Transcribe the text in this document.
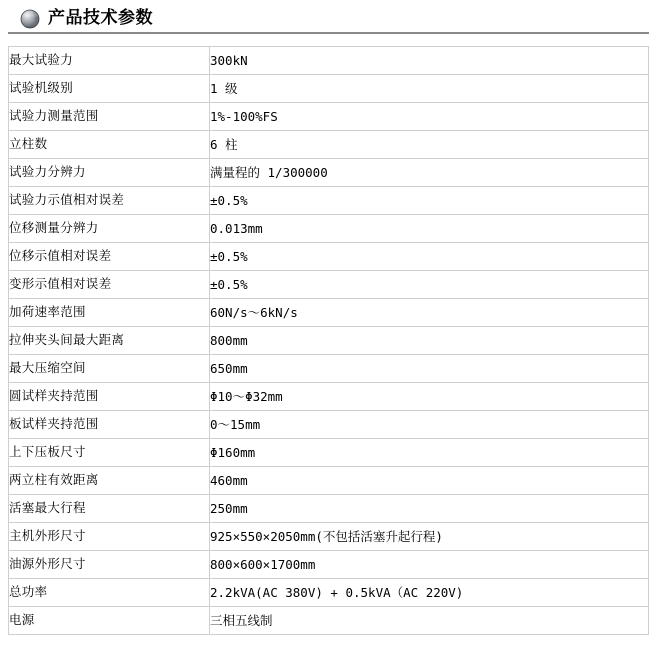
产品技术参数
最大试验力	300kN
试验机级别	1 级
试验力测量范围	1%-100%FS
立柱数	6 柱
试验力分辨力	满量程的 1/300000
试验力示值相对误差	±0.5%
位移测量分辨力	0.013mm
位移示值相对误差	±0.5%
变形示值相对误差	±0.5%
加荷速率范围	60N/s～6kN/s
拉伸夹头间最大距离	800mm
最大压缩空间	650mm
圆试样夹持范围	Φ10～Φ32mm
板试样夹持范围	0～15mm
上下压板尺寸	Φ160mm
两立柱有效距离	460mm
活塞最大行程	250mm
主机外形尺寸	925×550×2050mm(不包括活塞升起行程)
油源外形尺寸	800×600×1700mm
总功率	2.2kVA(AC 380V) + 0.5kVA（AC 220V)
电源	三相五线制
